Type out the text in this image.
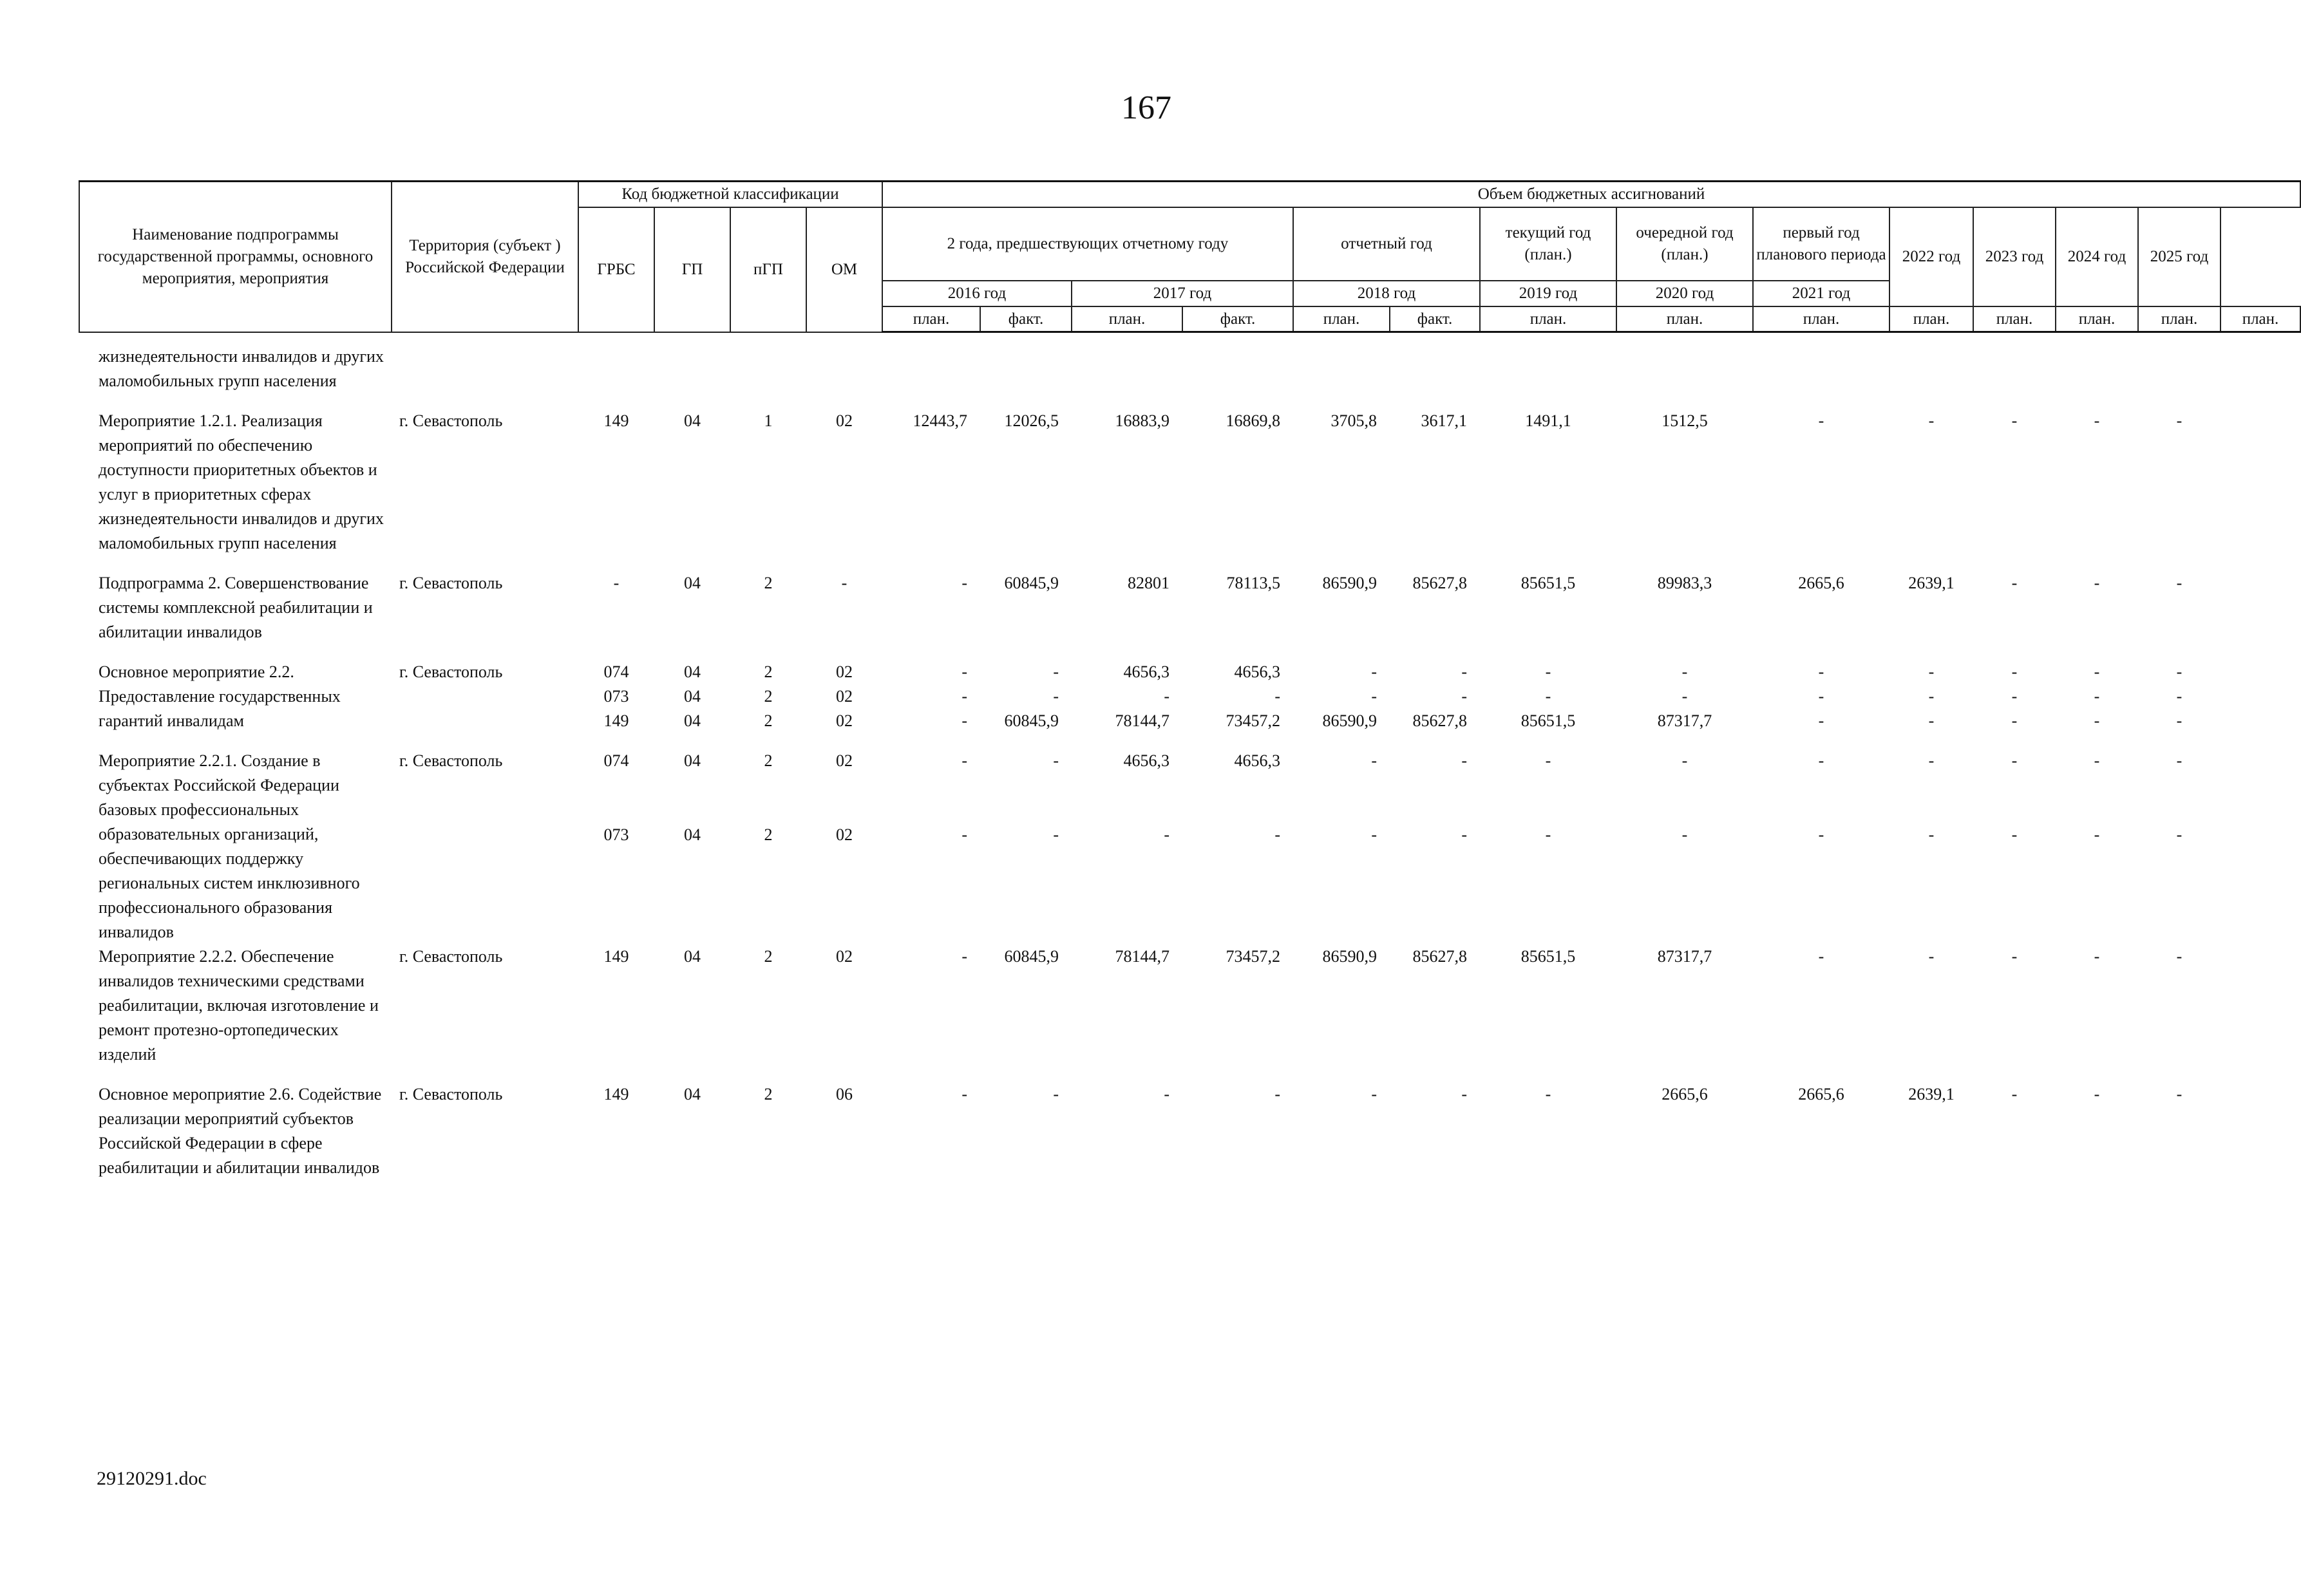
167
Наименование подпрограммы государственной программы, основного мероприятия, мероприятия	Территория (субъект ) Российской Федерации	Код бюджетной классификации				Объем бюджетных ассигнований													
		ГРБС	ГП	пГП	ОМ	2 года, предшествующих отчетному году				отчетный год		текущий год (план.)	очередной год (план.)	первый год планового периода	2022 год	2023 год	2024 год	2025 год	
						2016 год		2017 год		2018 год		2019 год	2020 год	2021 год					
						план.	факт.	план.	факт.	план.	факт.	план.	план.	план.	план.	план.	план.	план.	план.
жизнедеятельности инвалидов и других маломобильных групп населения																			
Мероприятие 1.2.1. Реализация мероприятий по обеспечению доступности приоритетных объектов и услуг в приоритетных сферах жизнедеятельности инвалидов и других маломобильных групп населения	г. Севастополь	149	04	1	02	12443,7	12026,5	16883,9	16869,8	3705,8	3617,1	1491,1	1512,5	-	-	-	-	-	
Подпрограмма 2. Совершенствование системы комплексной реабилитации и абилитации инвалидов	г. Севастополь	-	04	2	-	-	60845,9	82801	78113,5	86590,9	85627,8	85651,5	89983,3	2665,6	2639,1	-	-	-	
Основное мероприятие 2.2. Предоставление государственных гарантий инвалидам	г. Севастополь	074	04	2	02	-	-	4656,3	4656,3	-	-	-	-	-	-	-	-	-	
		073	04	2	02	-	-	-	-	-	-	-	-	-	-	-	-	-	
		149	04	2	02	-	60845,9	78144,7	73457,2	86590,9	85627,8	85651,5	87317,7	-	-	-	-	-	
Мероприятие 2.2.1. Создание в субъектах Российской Федерации базовых профессиональных образовательных организаций, обеспечивающих поддержку региональных систем инклюзивного профессионального образования инвалидов	г. Севастополь	074	04	2	02	-	-	4656,3	4656,3	-	-	-	-	-	-	-	-	-	
		073	04	2	02	-	-	-	-	-	-	-	-	-	-	-	-	-	
Мероприятие 2.2.2. Обеспечение инвалидов техническими средствами реабилитации, включая изготовление и ремонт протезно-ортопедических изделий	г. Севастополь	149	04	2	02	-	60845,9	78144,7	73457,2	86590,9	85627,8	85651,5	87317,7	-	-	-	-	-	
Основное мероприятие 2.6. Содействие реализации мероприятий субъектов Российской Федерации в сфере реабилитации и абилитации инвалидов	г. Севастополь	149	04	2	06	-	-	-	-	-	-	-	2665,6	2665,6	2639,1	-	-	-	
29120291.doc
